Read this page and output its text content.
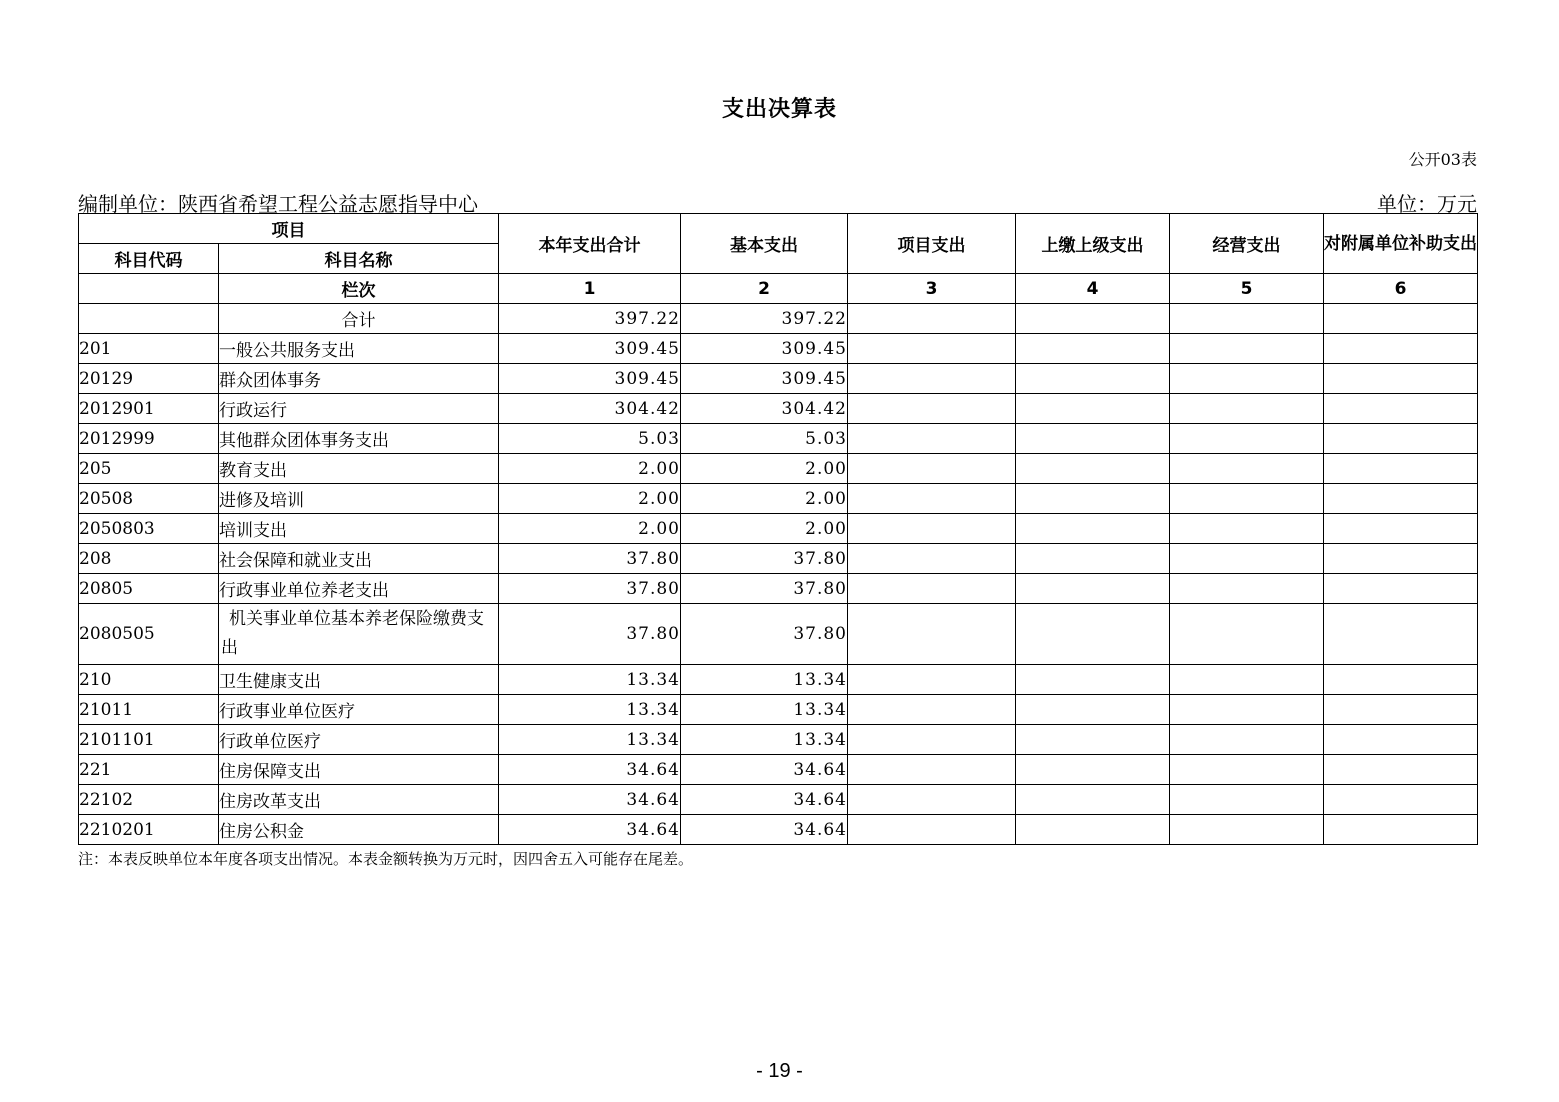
支出决算表
公开03表
编制单位：陕西省希望工程公益志愿指导中心	单位：万元
项目		本年支出合计	基本支出	项目支出	上缴上级支出	经营支出	对附属单位补助支出
科目代码	科目名称						
	栏次	1	2	3	4	5	6
	合计	397.22	397.22				
201	一般公共服务支出	309.45	309.45				
20129	群众团体事务	309.45	309.45				
2012901	行政运行	304.42	304.42				
2012999	其他群众团体事务支出	5.03	5.03				
205	教育支出	2.00	2.00				
20508	进修及培训	2.00	2.00				
2050803	培训支出	2.00	2.00				
208	社会保障和就业支出	37.80	37.80				
20805	行政事业单位养老支出	37.80	37.80				
2080505	机关事业单位基本养老保险缴费支出	37.80	37.80				
210	卫生健康支出	13.34	13.34				
21011	行政事业单位医疗	13.34	13.34				
2101101	行政单位医疗	13.34	13.34				
221	住房保障支出	34.64	34.64				
22102	住房改革支出	34.64	34.64				
2210201	住房公积金	34.64	34.64				
注：本表反映单位本年度各项支出情况。本表金额转换为万元时，因四舍五入可能存在尾差。
- 19 -
